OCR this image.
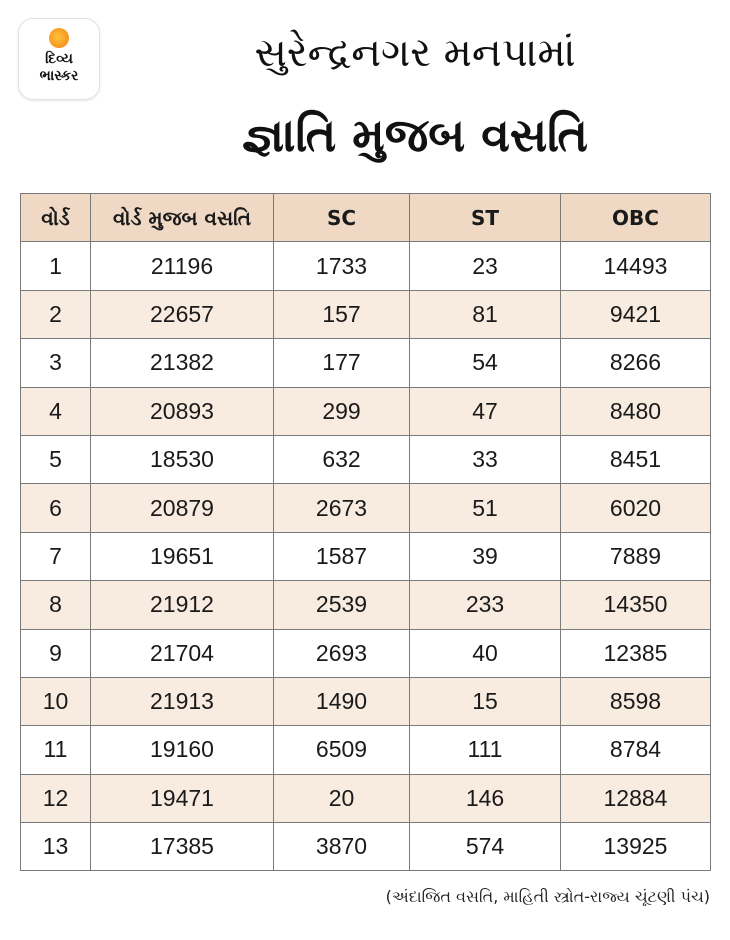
દિવ્ય
ભાસ્કર	સુરેન્દ્રનગર મનપામાં
જ્ઞાતિ મુજબ વસતિ
વોર્ડ	વોર્ડ મુજબ વસતિ	SC	ST	OBC
1	21196	1733	23	14493
2	22657	157	81	9421
3	21382	177	54	8266
4	20893	299	47	8480
5	18530	632	33	8451
6	20879	2673	51	6020
7	19651	1587	39	7889
8	21912	2539	233	14350
9	21704	2693	40	12385
10	21913	1490	15	8598
11	19160	6509	111	8784
12	19471	20	146	12884
13	17385	3870	574	13925
(અંદાજિત વસતિ, માહિતી સ્ત્રોત-રાજ્ય ચૂંટણી પંચ)
